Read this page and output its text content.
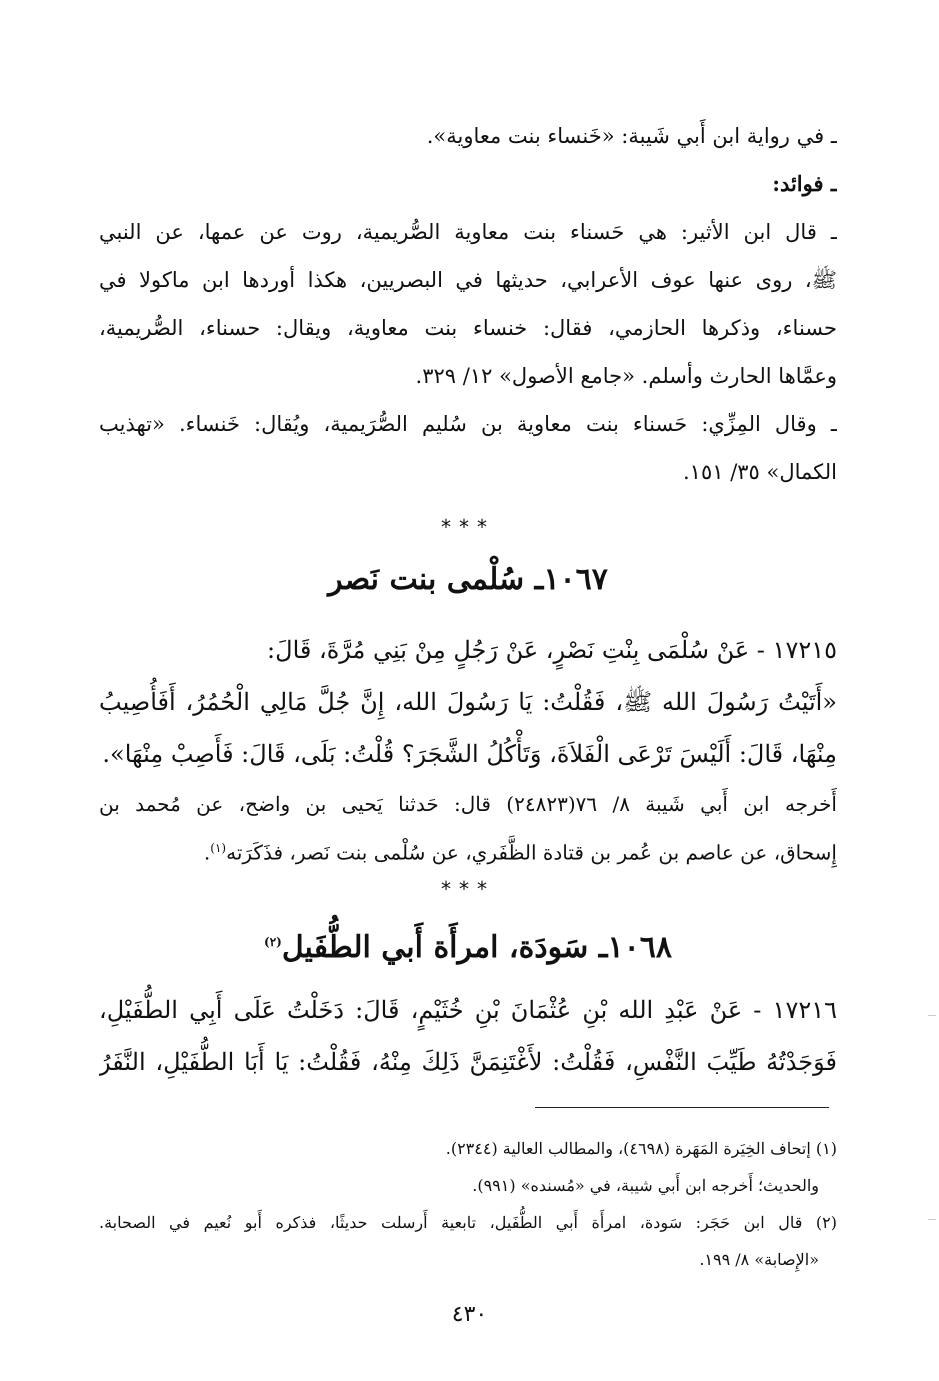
ـ في رواية ابن أَبي شَيبة: «خَنساء بنت معاوية».
ـ فوائد:
ـ قال ابن الأثير: هي حَسناء بنت معاوية الصُّريمية، روت عن عمها، عن النبي
ﷺ، روى عنها عوف الأعرابي، حديثها في البصريين، هكذا أوردها ابن ماكولا في
حسناء، وذكرها الحازمي، فقال: خنساء بنت معاوية، ويقال: حسناء، الصُّريمية،
وعمَّاها الحارث وأسلم. «جامع الأصول» ١٢/ ٣٢٩.
ـ وقال المِزِّي: حَسناء بنت معاوية بن سُليم الصُّرَيمية، ويُقال: خَنساء. «تهذيب
الكمال» ٣٥/ ١٥١.
***
١٠٦٧ـ سُلْمى بنت نَصر
١٧٢١٥ - عَنْ سُلْمَى بِنْتِ نَصْرٍ، عَنْ رَجُلٍ مِنْ بَنِي مُرَّةَ، قَالَ:
«أَتَيْتُ رَسُولَ الله ﷺ، فَقُلْتُ: يَا رَسُولَ الله، إِنَّ جُلَّ مَالِي الْحُمُرُ، أَفَأُصِيبُ
مِنْهَا، قَالَ: أَلَيْسَ تَرْعَى الْفَلاَةَ، وَتَأْكُلُ الشَّجَرَ؟ قُلْتُ: بَلَى، قَالَ: فَأَصِبْ مِنْهَا».
أَخرجه ابن أَبي شَيبة ٨/ ٧٦(٢٤٨٢٣) قال: حَدثنا يَحيى بن واضح، عن مُحمد بن
إِسحاق، عن عاصم بن عُمر بن قتادة الظَّفَري، عن سُلْمى بنت نَصر، فذَكَرَته$^{(١)}$.
***
١٠٦٨ـ سَودَة، امرأَة أَبي الطُّفَيل$^{(٢)}$
١٧٢١٦ - عَنْ عَبْدِ الله بْنِ عُثْمَانَ بْنِ خُثَيْمٍ، قَالَ: دَخَلْتُ عَلَى أَبِي الطُّفَيْلِ،
فَوَجَدْتُهُ طَيِّبَ النَّفْسِ، فَقُلْتُ: لأَغْتَنِمَنَّ ذَلِكَ مِنْهُ، فَقُلْتُ: يَا أَبَا الطُّفَيْلِ، النَّفَرُ
(١) إتحاف الخِيَرة المَهَرة (٤٦٩٨)، والمطالب العالية (٢٣٤٤).
والحديث؛ أَخرجه ابن أَبي شيبة، في «مُسنده» (٩٩١).
(٢) قال ابن حَجَر: سَودة، امرأَة أَبي الطُّفَيل، تابعية أَرسلت حديثًا، فذكره أَبو نُعيم في الصحابة.
«الإِصابة» ٨/ ١٩٩.
٤٣٠
